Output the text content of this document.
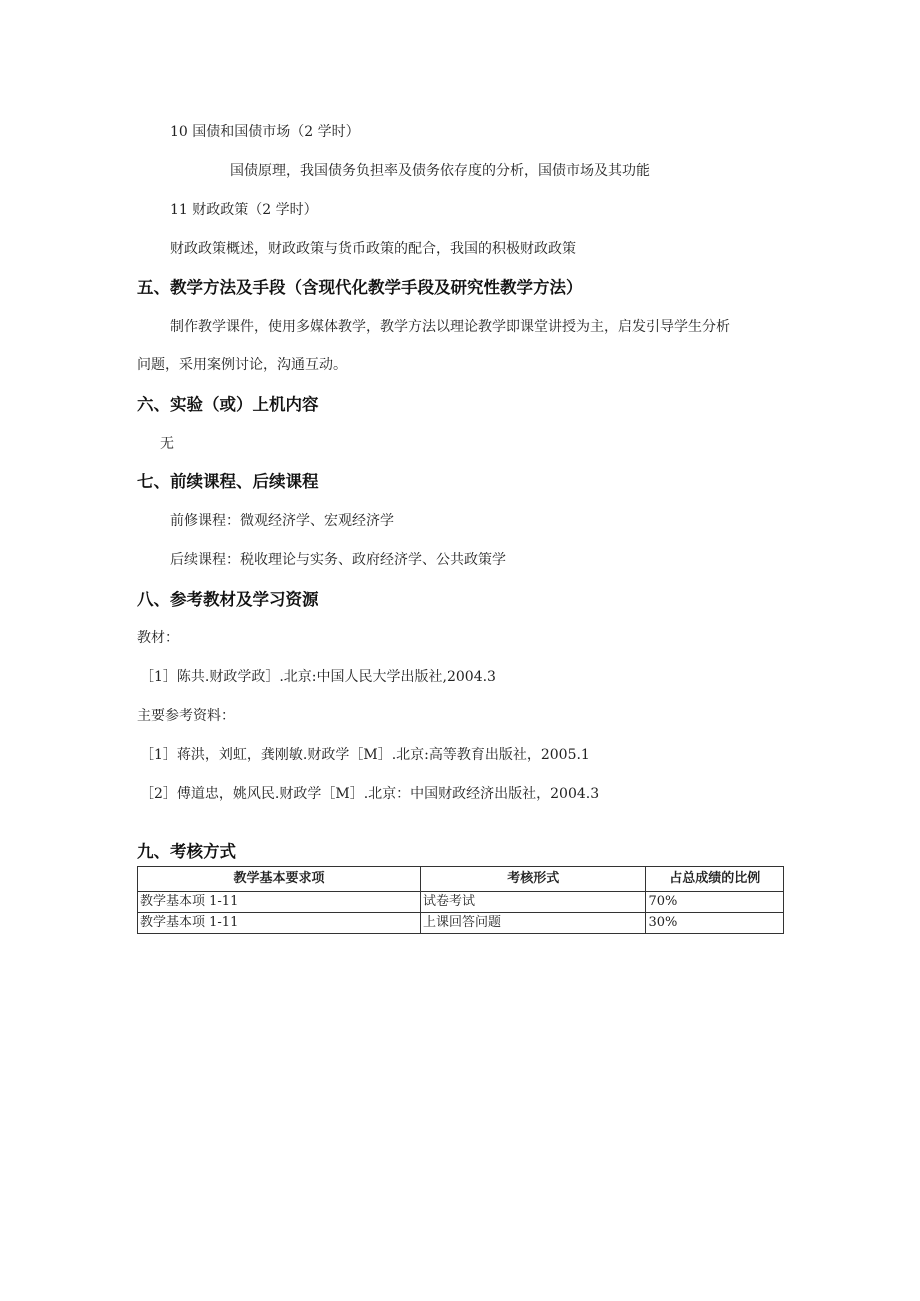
10 国债和国债市场（2 学时）
国债原理，我国债务负担率及债务依存度的分析，国债市场及其功能
11 财政政策（2 学时）
财政政策概述，财政政策与货币政策的配合，我国的积极财政政策
五、教学方法及手段（含现代化教学手段及研究性教学方法）
制作教学课件，使用多媒体教学，教学方法以理论教学即课堂讲授为主，启发引导学生分析
问题，采用案例讨论，沟通互动。
六、实验（或）上机内容
无
七、前续课程、后续课程
前修课程：微观经济学、宏观经济学
后续课程：税收理论与实务、政府经济学、公共政策学
八、参考教材及学习资源
教材：
［1］陈共.财政学政］.北京:中国人民大学出版社,2004.3
主要参考资料：
［1］蒋洪，刘虹，龚刚敏.财政学［M］.北京:高等教育出版社，2005.1
［2］傅道忠，姚风民.财政学［M］.北京：中国财政经济出版社，2004.3
九、考核方式
教学基本要求项	考核形式	占总成绩的比例
教学基本项 1-11	试卷考试	70%
教学基本项 1-11	上课回答问题	30%
